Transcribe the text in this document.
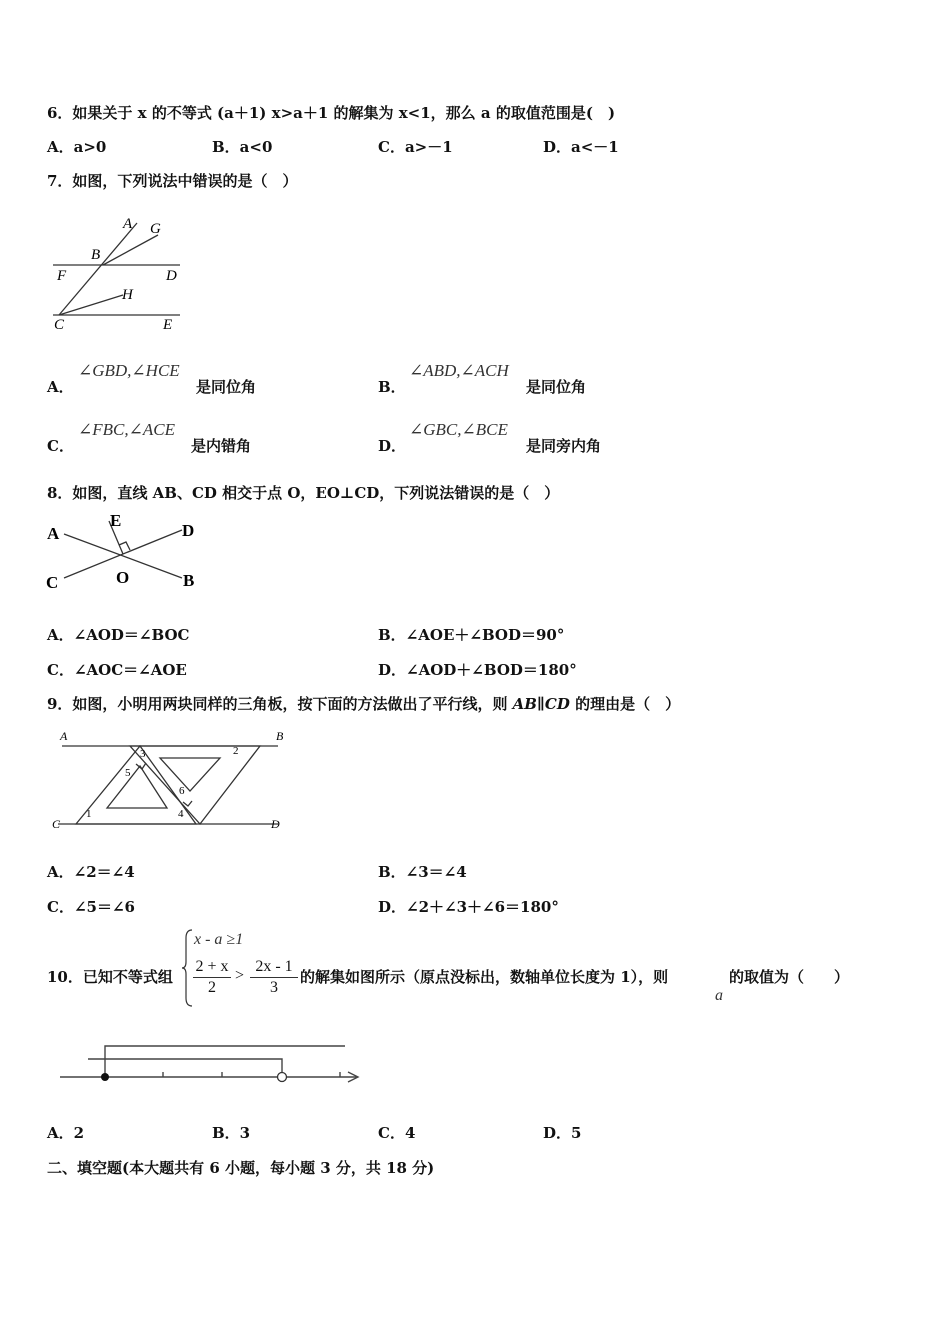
6．如果关于 x 的不等式 (a＋1) x>a＋1 的解集为 x<1，那么 a 的取值范围是(　)
A．a>0	B．a<0	C．a>－1	D．a<－1
7．如图，下列说法中错误的是（　）
A G
B
F	D
H
C	E
A．
∠GBD,∠HCE
是同位角	B．
∠ABD,∠ACH
是同位角
C．
∠FBC,∠ACE
是内错角	D．
∠GBC,∠BCE
是同旁内角
8．如图，直线 AB、CD 相交于点 O，EO⊥CD，下列说法错误的是（　）
A
E
D
C	O	B
A．∠AOD＝∠BOC	B．∠AOE＋∠BOD＝90°
C．∠AOC＝∠AOE	D．∠AOD＋∠BOD＝180°
9．如图，小明用两块同样的三角板，按下面的方法做出了平行线，则 AB∥CD 的理由是（　）
A	B
C	D
1
2
3
4
5
6
A．∠2＝∠4	B．∠3＝∠4
C．∠5＝∠6	D．∠2＋∠3＋∠6＝180°
10．已知不等式组
x - a ≥1
2 + x
2
>
2x - 1
3
的解集如图所示（原点没标出，数轴单位长度为 1），则
a
的取值为（　　）
A．2	B．3	C．4	D．5
二、填空题(本大题共有 6 小题，每小题 3 分，共 18 分)
